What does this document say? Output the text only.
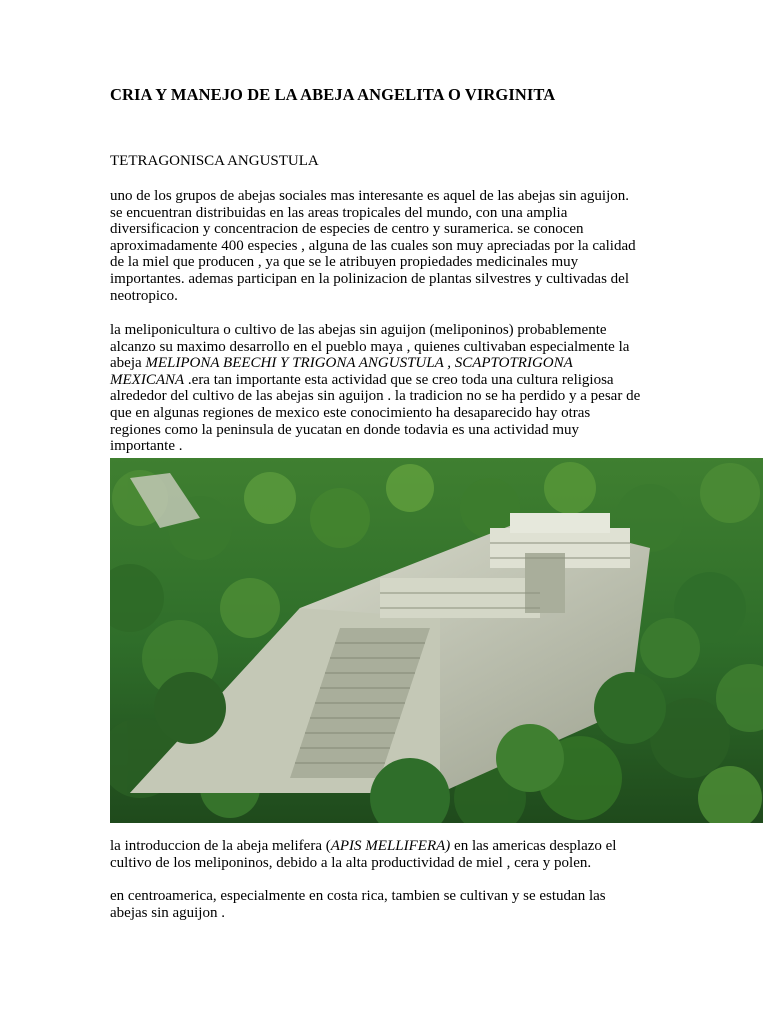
CRIA Y MANEJO DE LA ABEJA ANGELITA O VIRGINITA
TETRAGONISCA ANGUSTULA

uno de los grupos de abejas sociales mas interesante es aquel de las abejas sin aguijon.
se encuentran distribuidas en las areas tropicales del mundo, con una amplia
diversificacion y concentracion de especies de centro y suramerica. se conocen
aproximadamente 400 especies , alguna de las cuales son muy apreciadas por la calidad
de la miel que producen , ya que se le atribuyen propiedades medicinales muy
importantes. ademas participan en la polinizacion de plantas silvestres y cultivadas del
neotropico.

la meliponicultura o cultivo de las abejas sin aguijon (meliponinos) probablemente
alcanzo su maximo desarrollo en el pueblo maya , quienes cultivaban especialmente la
abeja MELIPONA BEECHI Y TRIGONA ANGUSTULA , SCAPTOTRIGONA
MEXICANA .era tan importante esta actividad que se creo toda una cultura religiosa
alrededor del cultivo de las abejas sin aguijon . la tradicion no se ha perdido y a pesar de
que en algunas regiones de mexico este conocimiento ha desaparecido hay otras
regiones como la peninsula de yucatan en donde todavia es una actividad muy
importante .

la introduccion de la abeja melifera (APIS MELLIFERA) en las americas desplazo el
cultivo de los meliponinos, debido a la alta productividad de miel , cera y polen.

en centroamerica, especialmente en costa rica, tambien se cultivan y se estudan las
abejas sin aguijon .
